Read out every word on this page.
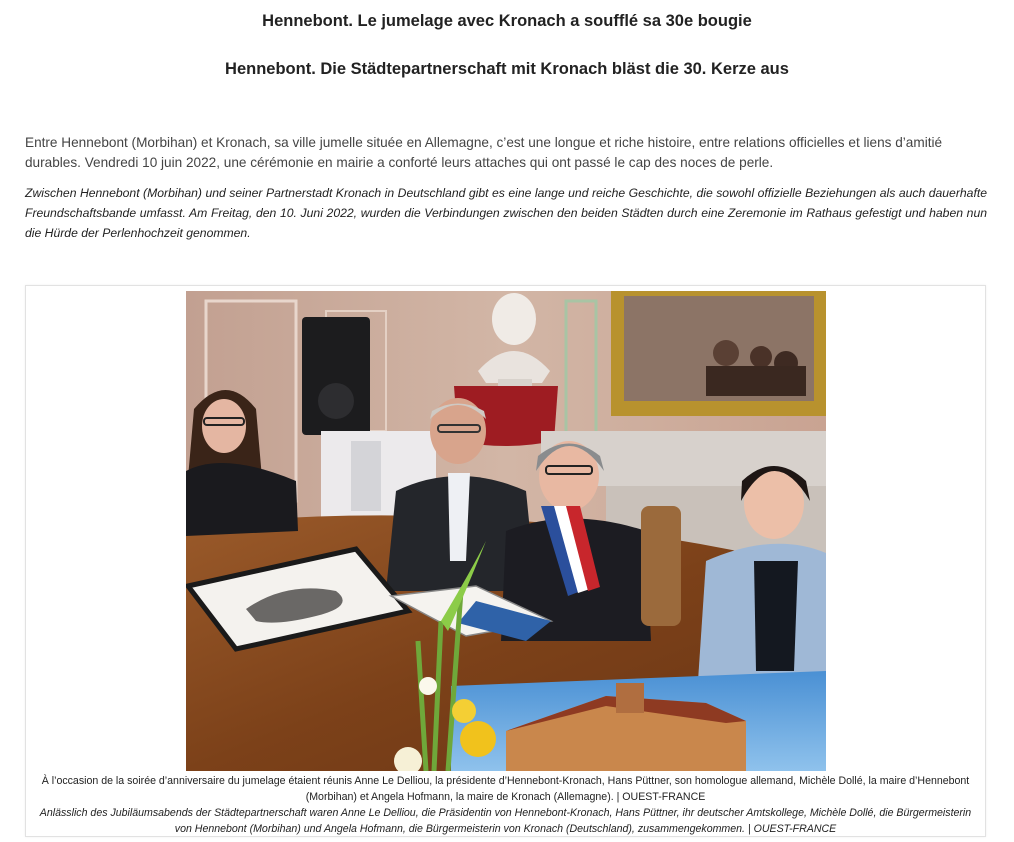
Hennebont. Le jumelage avec Kronach a soufflé sa 30e bougie
Hennebont. Die Städtepartnerschaft mit Kronach bläst die 30. Kerze aus

Entre Hennebont (Morbihan) et Kronach, sa ville jumelle située en Allemagne, c’est une longue et riche histoire, entre relations officielles et liens d’amitié durables. Vendredi 10 juin 2022, une cérémonie en mairie a conforté leurs attaches qui ont passé le cap des noces de perle.

Zwischen Hennebont (Morbihan) und seiner Partnerstadt Kronach in Deutschland gibt es eine lange und reiche Geschichte, die sowohl offizielle Beziehungen als auch dauerhafte Freundschaftsbande umfasst. Am Freitag, den 10. Juni 2022, wurden die Verbindungen zwischen den beiden Städten durch eine Zeremonie im Rathaus gefestigt und haben nun die Hürde der Perlenhochzeit genommen.

À l’occasion de la soirée d’anniversaire du jumelage étaient réunis Anne Le Delliou, la présidente d’Hennebont-Kronach, Hans Püttner, son homologue allemand, Michèle Dollé, la maire d’Hennebont
(Morbihan) et Angela Hofmann, la maire de Kronach (Allemagne). | OUEST-FRANCE

Anlässlich des Jubiläumsabends der Städtepartnerschaft waren Anne Le Delliou, die Präsidentin von Hennebont-Kronach, Hans Püttner, ihr deutscher Amtskollege, Michèle Dollé, die Bürgermeisterin
von Hennebont (Morbihan) und Angela Hofmann, die Bürgermeisterin von Kronach (Deutschland), zusammengekommen. | OUEST-FRANCE
